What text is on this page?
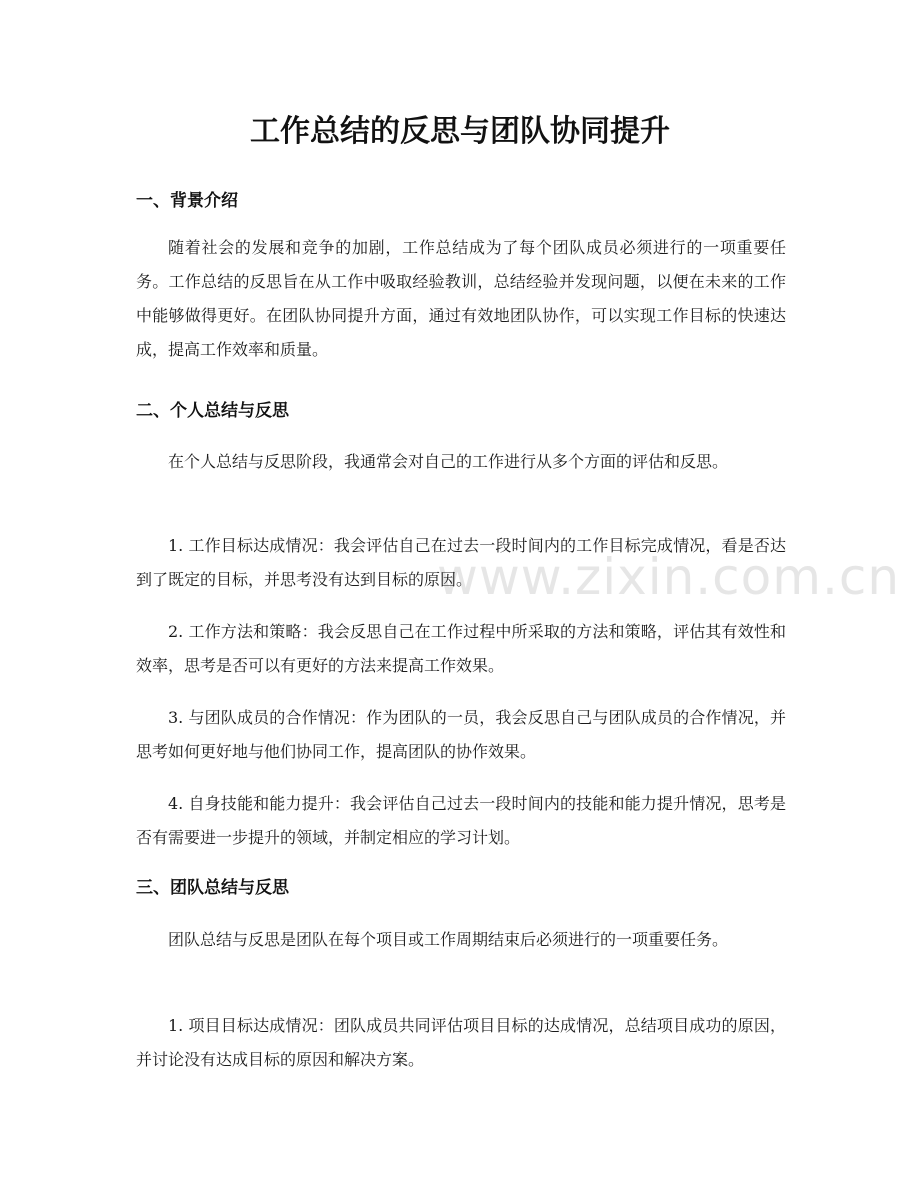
www.zixin.com.cn
工作总结的反思与团队协同提升
一、背景介绍

随着社会的发展和竞争的加剧，工作总结成为了每个团队成员必须进行的一项重要任务。工作总结的反思旨在从工作中吸取经验教训，总结经验并发现问题，以便在未来的工作中能够做得更好。在团队协同提升方面，通过有效地团队协作，可以实现工作目标的快速达成，提高工作效率和质量。

二、个人总结与反思

在个人总结与反思阶段，我通常会对自己的工作进行从多个方面的评估和反思。

1. 工作目标达成情况：我会评估自己在过去一段时间内的工作目标完成情况，看是否达到了既定的目标，并思考没有达到目标的原因。

2. 工作方法和策略：我会反思自己在工作过程中所采取的方法和策略，评估其有效性和效率，思考是否可以有更好的方法来提高工作效果。

3. 与团队成员的合作情况：作为团队的一员，我会反思自己与团队成员的合作情况，并思考如何更好地与他们协同工作，提高团队的协作效果。

4. 自身技能和能力提升：我会评估自己过去一段时间内的技能和能力提升情况，思考是否有需要进一步提升的领域，并制定相应的学习计划。

三、团队总结与反思

团队总结与反思是团队在每个项目或工作周期结束后必须进行的一项重要任务。

1. 项目目标达成情况：团队成员共同评估项目目标的达成情况，总结项目成功的原因，并讨论没有达成目标的原因和解决方案。
